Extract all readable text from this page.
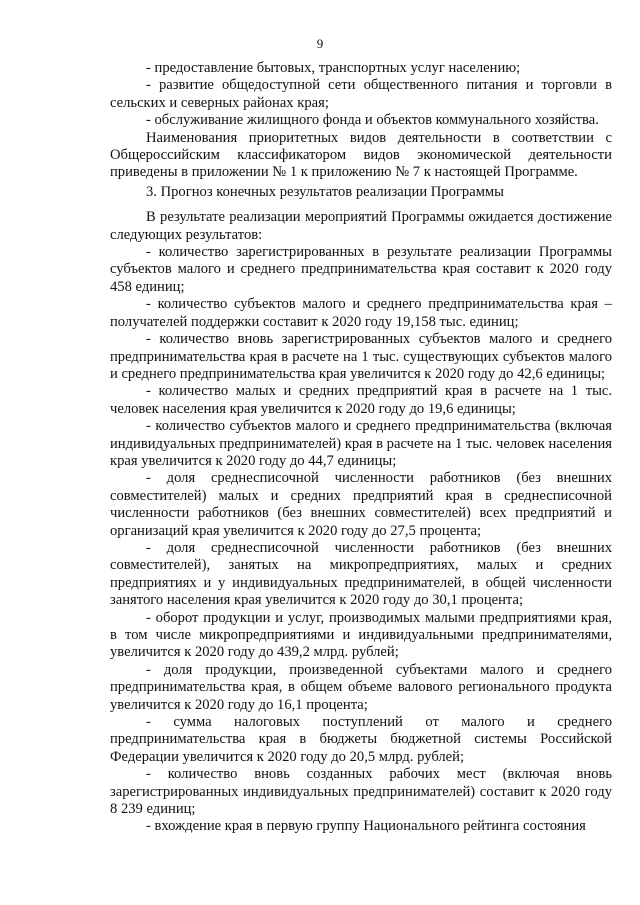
9

- предоставление бытовых, транспортных услуг населению;

- развитие общедоступной сети общественного питания и торговли в сельских и северных районах края;

- обслуживание жилищного фонда и объектов коммунального хозяйства.

Наименования приоритетных видов деятельности в соответствии с Общероссийским классификатором видов экономической деятельности приведены в приложении № 1 к приложению № 7 к настоящей Программе.

3. Прогноз конечных результатов реализации Программы

В результате реализации мероприятий Программы ожидается достижение следующих результатов:

- количество зарегистрированных в результате реализации Программы субъектов малого и среднего предпринимательства края составит к 2020 году 458 единиц;

- количество субъектов малого и среднего предпринимательства края – получателей поддержки составит к 2020 году 19,158 тыс. единиц;

- количество вновь зарегистрированных субъектов малого и среднего предпринимательства края в расчете на 1 тыс. существующих субъектов малого и среднего предпринимательства края увеличится к 2020 году до 42,6 единицы;

- количество малых и средних предприятий края в расчете на 1 тыс. человек населения края увеличится к 2020 году до 19,6 единицы;

- количество субъектов малого и среднего предпринимательства (включая индивидуальных предпринимателей) края в расчете на 1 тыс. человек населения края увеличится к 2020 году до 44,7 единицы;

- доля среднесписочной численности работников (без внешних совместителей) малых и средних предприятий края в среднесписочной численности работников (без внешних совместителей) всех предприятий и организаций края увеличится к 2020 году до 27,5 процента;

- доля среднесписочной численности работников (без внешних совместителей), занятых на микропредприятиях, малых и средних предприятиях и у индивидуальных предпринимателей, в общей численности занятого населения края увеличится к 2020 году до 30,1 процента;

- оборот продукции и услуг, производимых малыми предприятиями края, в том числе микропредприятиями и индивидуальными предпринимателями, увеличится к 2020 году до 439,2 млрд. рублей;

- доля продукции, произведенной субъектами малого и среднего предпринимательства края, в общем объеме валового регионального продукта увеличится к 2020 году до 16,1 процента;

- сумма налоговых поступлений от малого и среднего предпринимательства края в бюджеты бюджетной системы Российской Федерации увеличится к 2020 году до 20,5 млрд. рублей;

- количество вновь созданных рабочих мест (включая вновь зарегистрированных индивидуальных предпринимателей) составит к 2020 году 8 239 единиц;

- вхождение края в первую группу Национального рейтинга состояния
